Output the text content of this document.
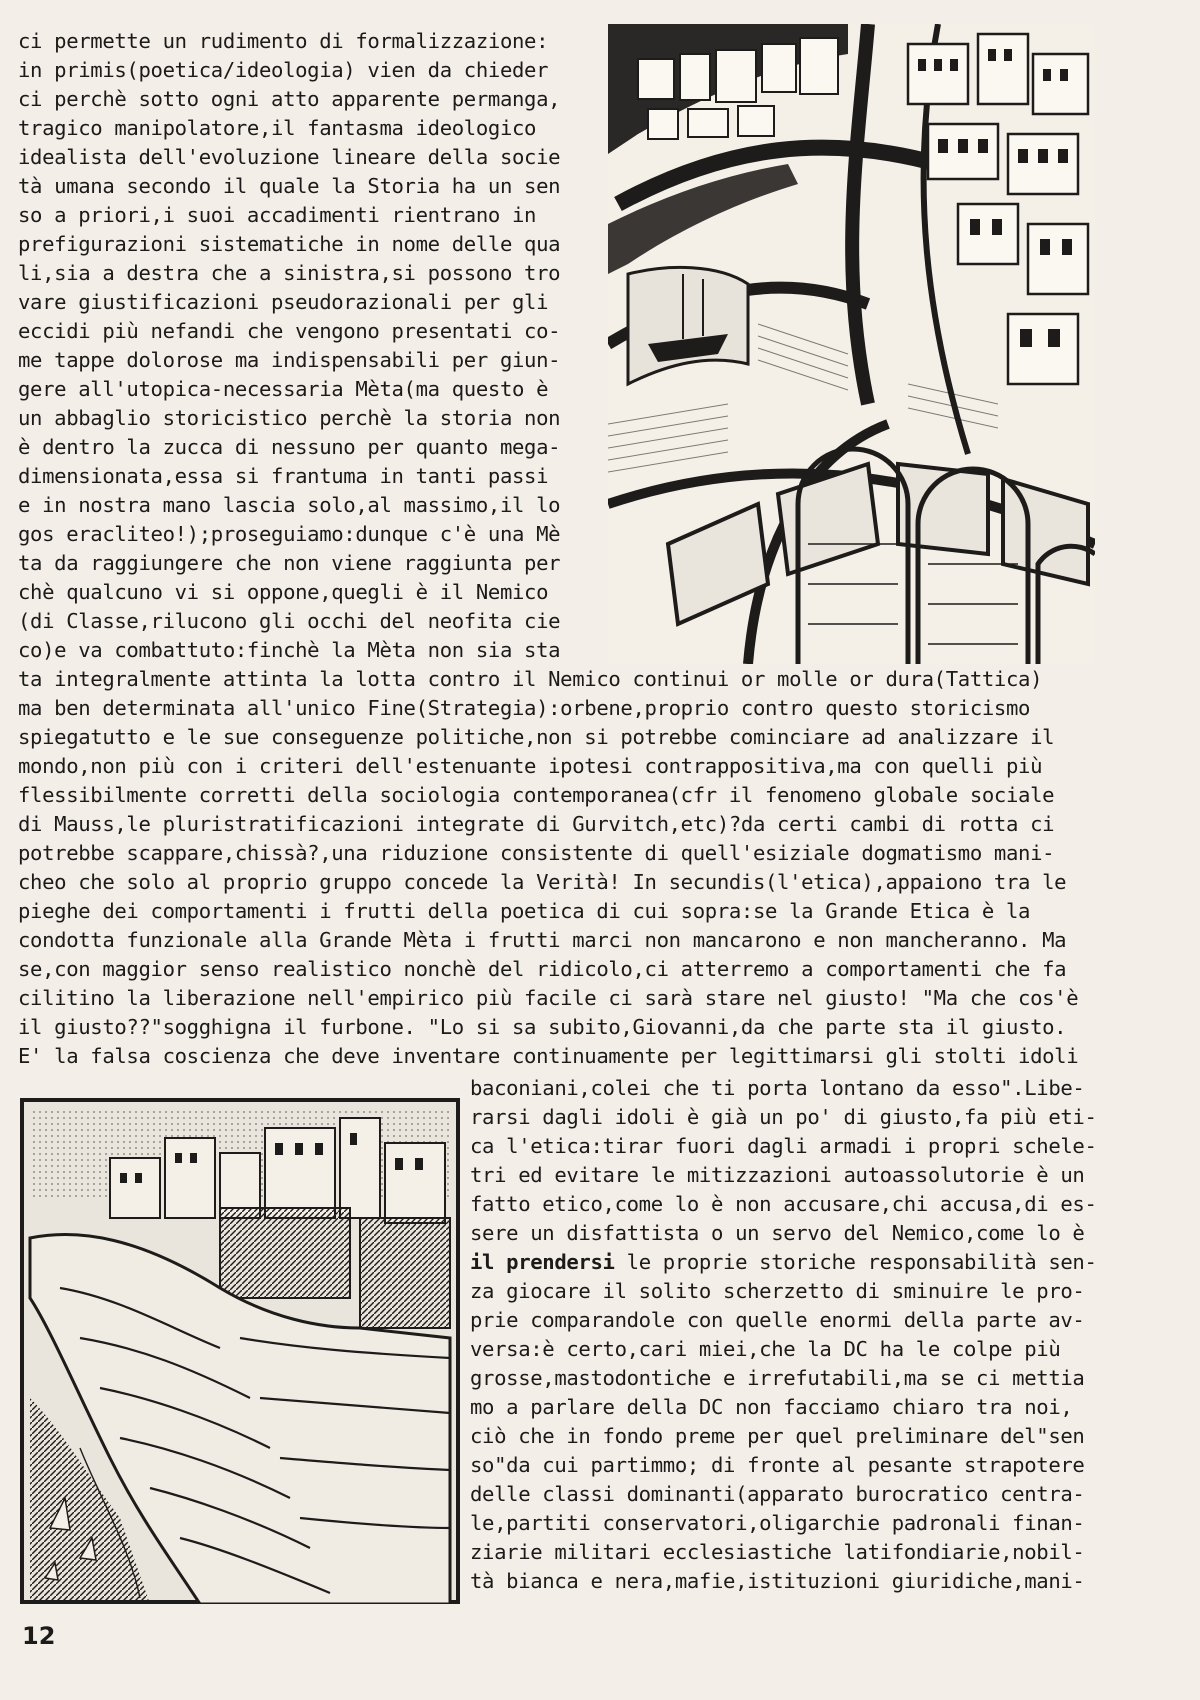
ci permette un rudimento di formalizzazione:
in primis(poetica/ideologia) vien da chieder
ci perchè sotto ogni atto apparente permanga,
tragico manipolatore,il fantasma ideologico
idealista dell'evoluzione lineare della socie
tà umana secondo il quale la Storia ha un sen
so a priori,i suoi accadimenti rientrano in
prefigurazioni sistematiche in nome delle qua
li,sia a destra che a sinistra,si possono tro
vare giustificazioni pseudorazionali per gli
eccidi più nefandi che vengono presentati co-
me tappe dolorose ma indispensabili per giun-
gere all'utopica-necessaria Mèta(ma questo è
un abbaglio storicistico perchè la storia non
è dentro la zucca di nessuno per quanto mega-
dimensionata,essa si frantuma in tanti passi
e in nostra mano lascia solo,al massimo,il lo
gos eracliteo!);proseguiamo:dunque c'è una Mè
ta da raggiungere che non viene raggiunta per
chè qualcuno vi si oppone,quegli è il Nemico
(di Classe,rilucono gli occhi del neofita cie
co)e va combattuto:finchè la Mèta non sia sta
ta integralmente attinta la lotta contro il Nemico continui or molle or dura(Tattica)
ma ben determinata all'unico Fine(Strategia):orbene,proprio contro questo storicismo
spiegatutto e le sue conseguenze politiche,non si potrebbe cominciare ad analizzare il
mondo,non più con i criteri dell'estenuante ipotesi contrappositiva,ma con quelli più
flessibilmente corretti della sociologia contemporanea(cfr il fenomeno globale sociale
di Mauss,le pluristratificazioni integrate di Gurvitch,etc)?da certi cambi di rotta ci
potrebbe scappare,chissà?,una riduzione consistente di quell'esiziale dogmatismo mani-
cheo che solo al proprio gruppo concede la Verità! In secundis(l'etica),appaiono tra le
pieghe dei comportamenti i frutti della poetica di cui sopra:se la Grande Etica è la
condotta funzionale alla Grande Mèta i frutti marci non mancarono e non mancheranno. Ma
se,con maggior senso realistico nonchè del ridicolo,ci atterremo a comportamenti che fa
cilitino la liberazione nell'empirico più facile ci sarà stare nel giusto! "Ma che cos'è
il giusto??"sogghigna il furbone. "Lo si sa subito,Giovanni,da che parte sta il giusto.
E' la falsa coscienza che deve inventare continuamente per legittimarsi gli stolti idoli
baconiani,colei che ti porta lontano da esso".Libe-
rarsi dagli idoli è già un po' di giusto,fa più eti-
ca l'etica:tirar fuori dagli armadi i propri schele-
tri ed evitare le mitizzazioni autoassolutorie è un
fatto etico,come lo è non accusare,chi accusa,di es-
sere un disfattista o un servo del Nemico,come lo è
il prendersi le proprie storiche responsabilità sen-
za giocare il solito scherzetto di sminuire le pro-
prie comparandole con quelle enormi della parte av-
versa:è certo,cari miei,che la DC ha le colpe più
grosse,mastodontiche e irrefutabili,ma se ci mettia
mo a parlare della DC non facciamo chiaro tra noi,
ciò che in fondo preme per quel preliminare del"sen
so"da cui partimmo; di fronte al pesante strapotere
delle classi dominanti(apparato burocratico centra-
le,partiti conservatori,oligarchie padronali finan-
ziarie militari ecclesiastiche latifondiarie,nobil-
tà bianca e nera,mafie,istituzioni giuridiche,mani-
12
